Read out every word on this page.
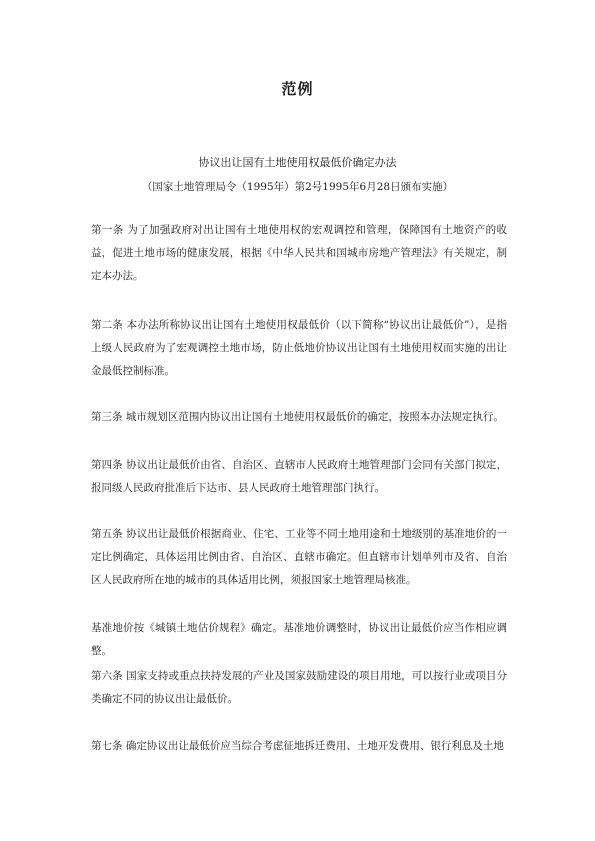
范例
协议出让国有土地使用权最低价确定办法
（国家土地管理局令（1995年）第2号1995年6月28日颁布实施）

第一条 为了加强政府对出让国有土地使用权的宏观调控和管理，保障国有土地资产的收益，促进土地市场的健康发展，根据《中华人民共和国城市房地产管理法》有关规定，制定本办法。

第二条 本办法所称协议出让国有土地使用权最低价（以下简称“协议出让最低价”），是指上级人民政府为了宏观调控土地市场，防止低地价协议出让国有土地使用权而实施的出让金最低控制标准。

第三条 城市规划区范围内协议出让国有土地使用权最低价的确定，按照本办法规定执行。

第四条 协议出让最低价由省、自治区、直辖市人民政府土地管理部门会同有关部门拟定，报同级人民政府批准后下达市、县人民政府土地管理部门执行。

第五条 协议出让最低价根据商业、住宅、工业等不同土地用途和土地级别的基准地价的一定比例确定，具体运用比例由省、自治区、直辖市确定。但直辖市计划单列市及省、自治区人民政府所在地的城市的具体适用比例，须报国家土地管理局核准。

基准地价按《城镇土地估价规程》确定。基准地价调整时，协议出让最低价应当作相应调整。

第六条 国家支持或重点扶持发展的产业及国家鼓励建设的项目用地，可以按行业或项目分类确定不同的协议出让最低价。

第七条 确定协议出让最低价应当综合考虑征地拆迁费用、土地开发费用、银行利息及土地
